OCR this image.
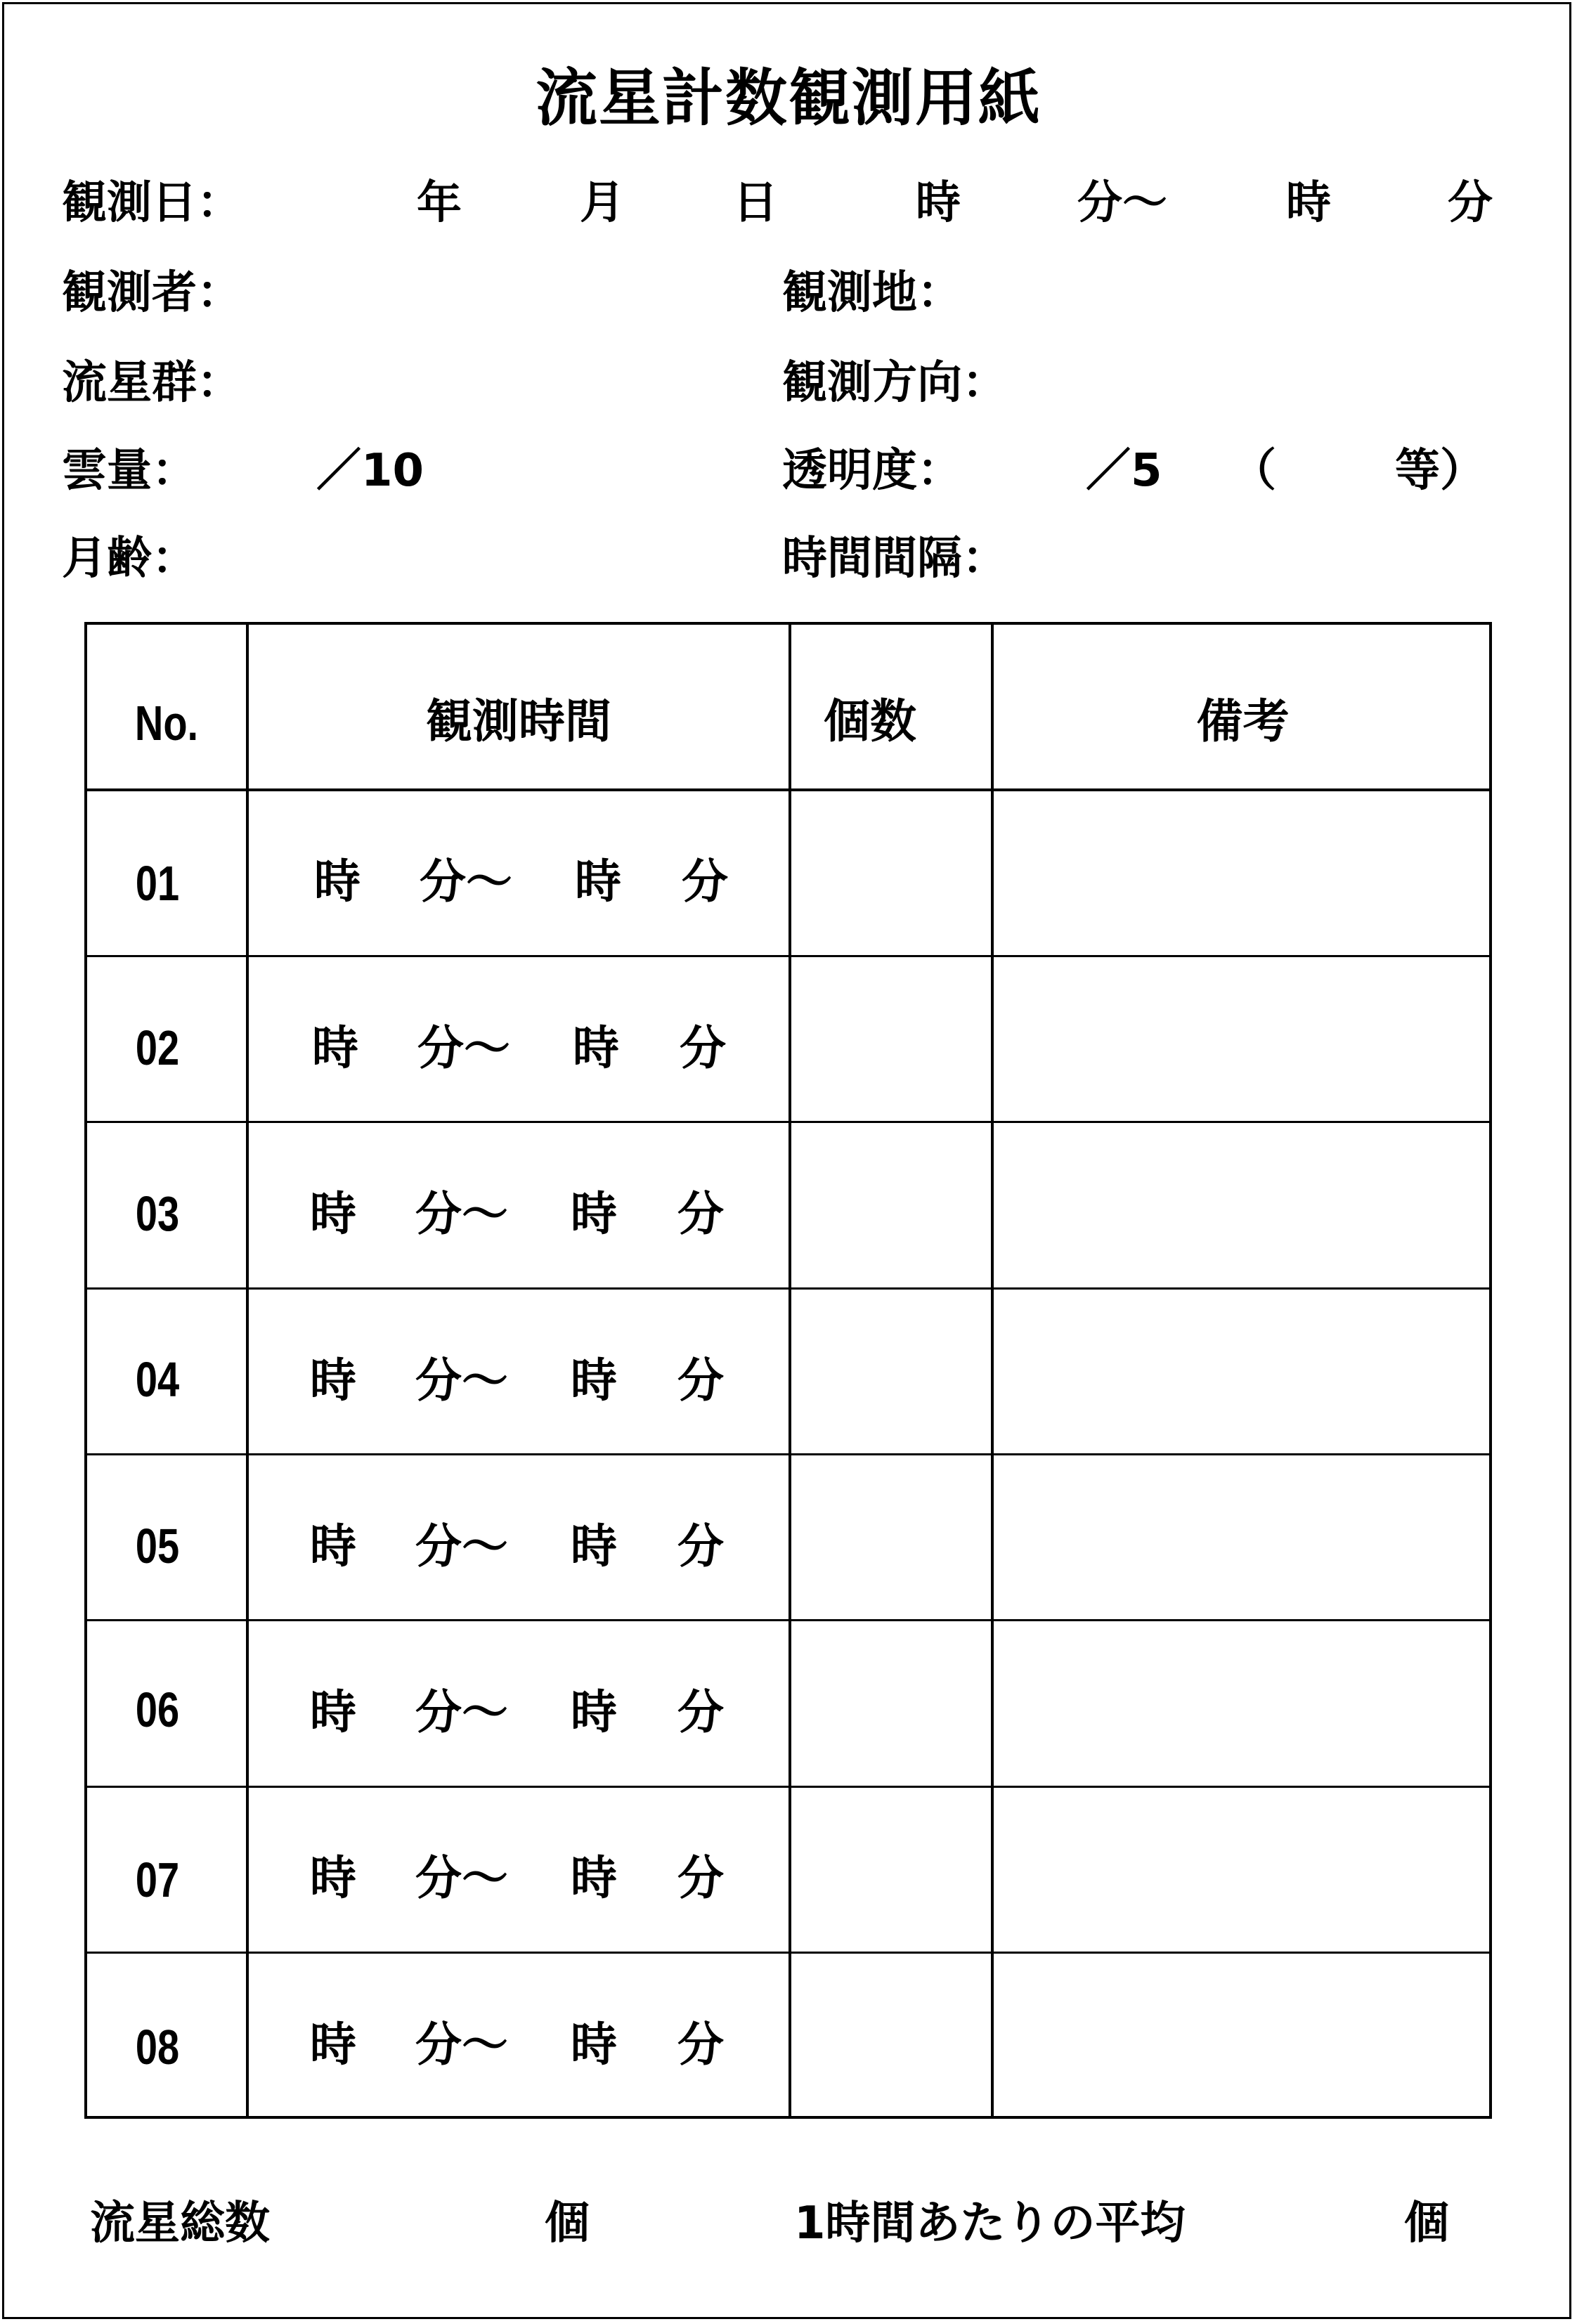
流星計数観測用紙
観測日：	年	月 日	時	分〜	時	分
観測者：	観測地：
流星群：	観測方向：
雲量：	／10	透明度：	／5 （	等）
月齢：	時間間隔：
No.	観測時間	個数	備考
01	時 分〜 時 分
02	時 分〜 時 分
03	時 分〜 時 分
04	時 分〜 時 分
05	時 分〜 時 分
06	時 分〜 時 分
07	時 分〜 時 分
08	時 分〜 時 分
流星総数	個	1時間あたりの平均	個
